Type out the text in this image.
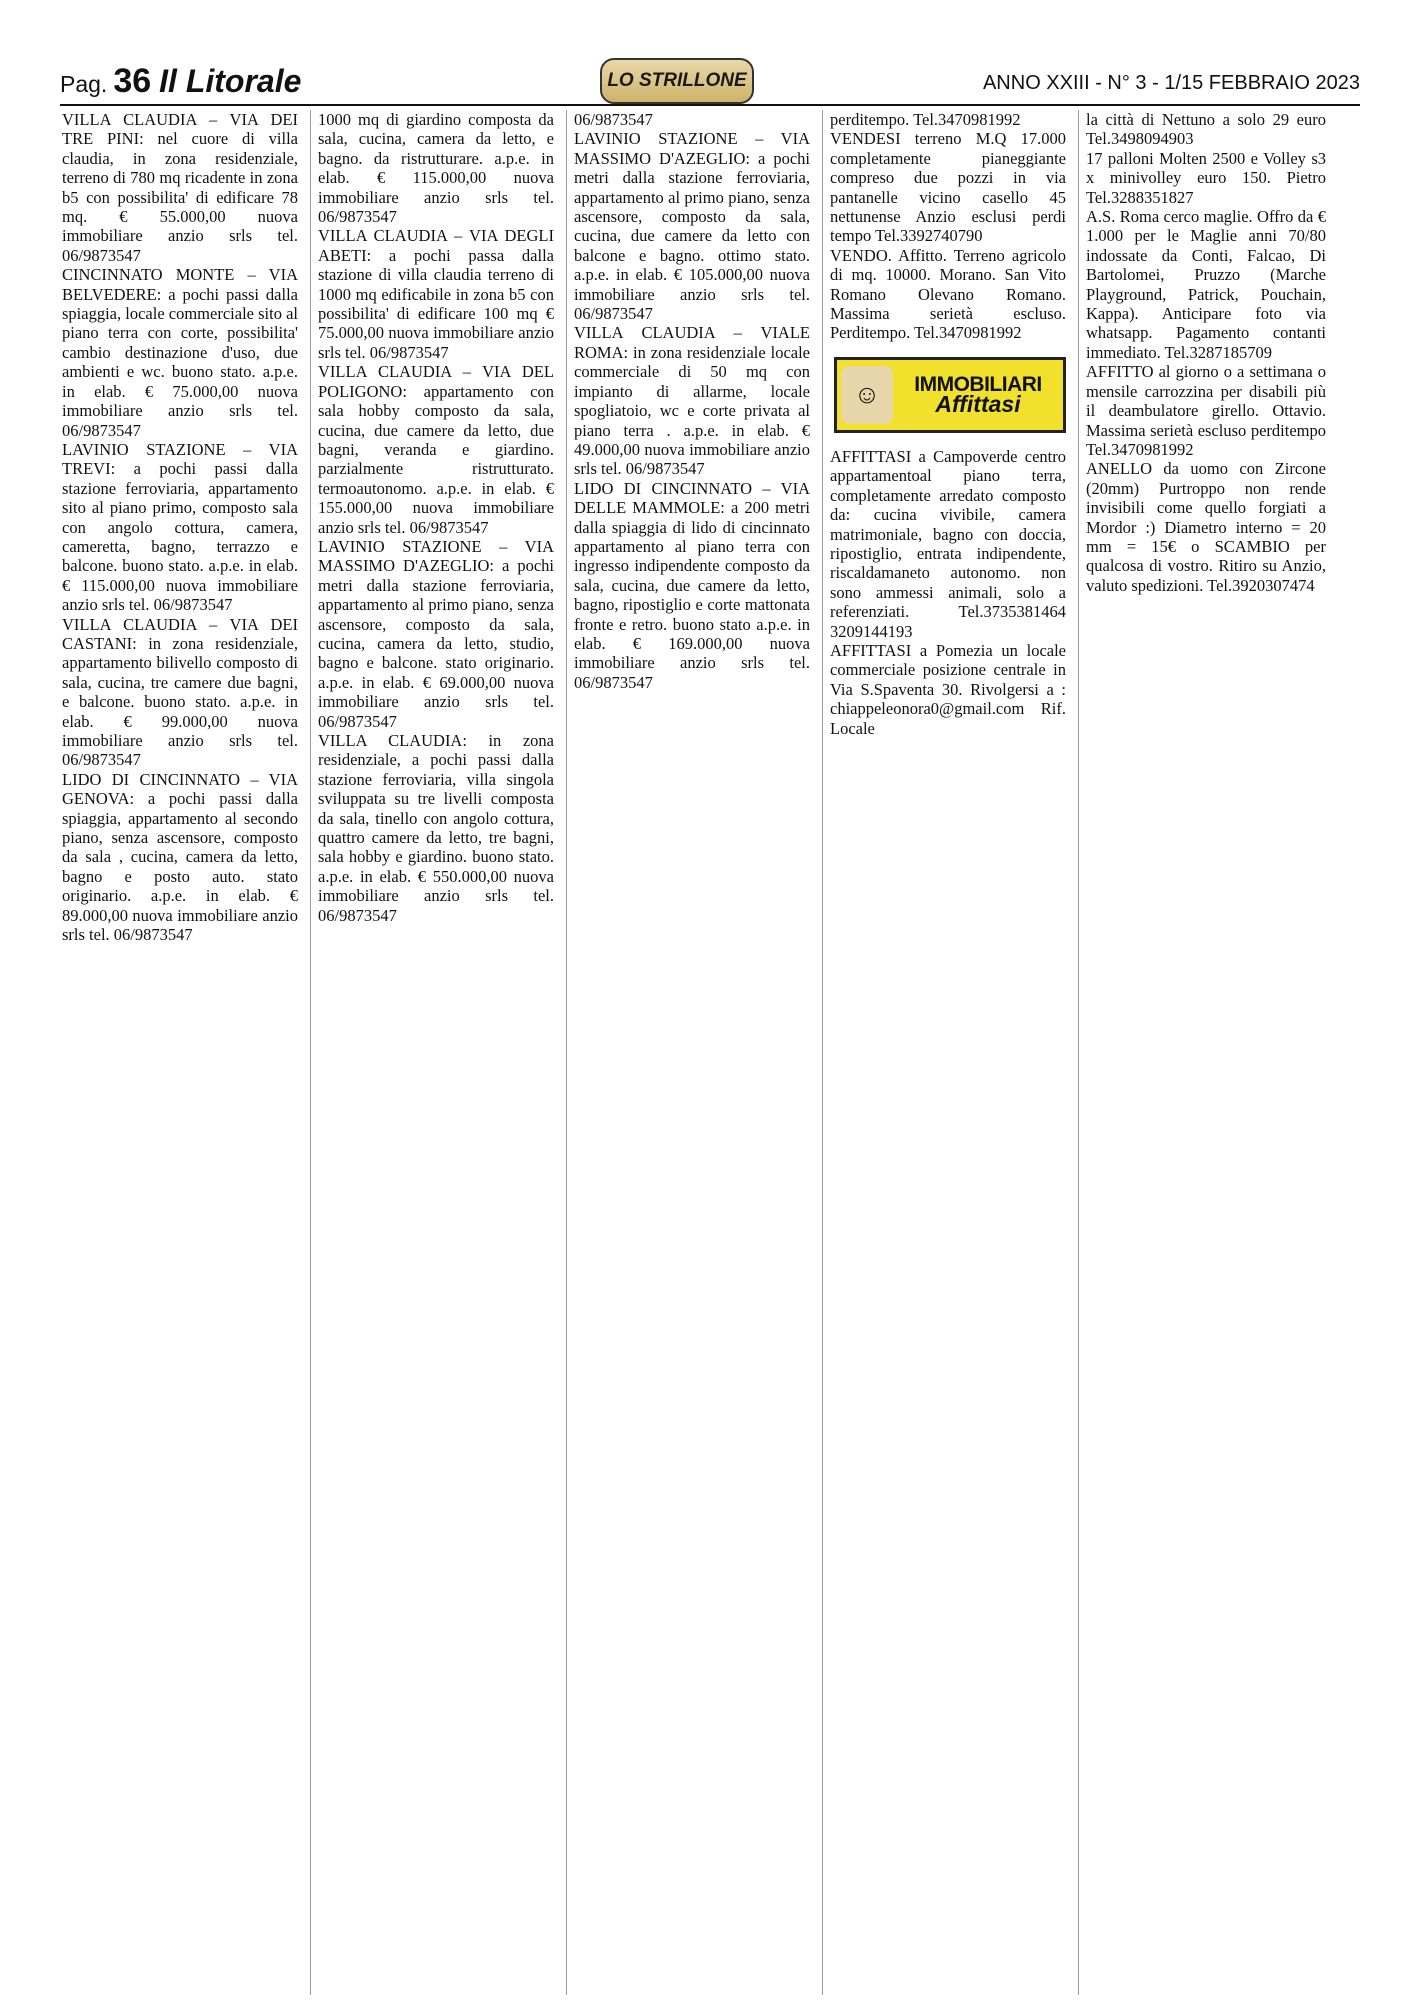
Pag. 36 Il Litorale	LO STRILLONE	ANNO XXIII - N° 3 - 1/15 FEBBRAIO 2023

VILLA CLAUDIA – VIA DEI TRE PINI: nel cuore di villa claudia, in zona residenziale, terreno di 780 mq ricadente in zona b5 con possibilita' di edificare 78 mq. € 55.000,00 nuova immobiliare anzio srls tel. 06/9873547

CINCINNATO MONTE – VIA BELVEDERE: a pochi passi dalla spiaggia, locale commerciale sito al piano terra con corte, possibilita' cambio destinazione d'uso, due ambienti e wc. buono stato. a.p.e. in elab. € 75.000,00 nuova immobiliare anzio srls tel. 06/9873547

LAVINIO STAZIONE – VIA TREVI: a pochi passi dalla stazione ferroviaria, appartamento sito al piano primo, composto sala con angolo cottura, camera, cameretta, bagno, terrazzo e balcone. buono stato. a.p.e. in elab. € 115.000,00 nuova immobiliare anzio srls tel. 06/9873547

VILLA CLAUDIA – VIA DEI CASTANI: in zona residenziale, appartamento bilivello composto di sala, cucina, tre camere due bagni, e balcone. buono stato. a.p.e. in elab. € 99.000,00 nuova immobiliare anzio srls tel. 06/9873547

LIDO DI CINCINNATO – VIA GENOVA: a pochi passi dalla spiaggia, appartamento al secondo piano, senza ascensore, composto da sala , cucina, camera da letto, bagno e posto auto. stato originario. a.p.e. in elab. € 89.000,00 nuova immobiliare anzio srls tel. 06/9873547

1000 mq di giardino composta da sala, cucina, camera da letto, e bagno. da ristrutturare. a.p.e. in elab. € 115.000,00 nuova immobiliare anzio srls tel. 06/9873547

VILLA CLAUDIA – VIA DEGLI ABETI: a pochi passa dalla stazione di villa claudia terreno di 1000 mq edificabile in zona b5 con possibilita' di edificare 100 mq € 75.000,00 nuova immobiliare anzio srls tel. 06/9873547

VILLA CLAUDIA – VIA DEL POLIGONO: appartamento con sala hobby composto da sala, cucina, due camere da letto, due bagni, veranda e giardino. parzialmente ristrutturato. termoautonomo. a.p.e. in elab. € 155.000,00 nuova immobiliare anzio srls tel. 06/9873547

LAVINIO STAZIONE – VIA MASSIMO D'AZEGLIO: a pochi metri dalla stazione ferroviaria, appartamento al primo piano, senza ascensore, composto da sala, cucina, camera da letto, studio, bagno e balcone. stato originario. a.p.e. in elab. € 69.000,00 nuova immobiliare anzio srls tel. 06/9873547

VILLA CLAUDIA: in zona residenziale, a pochi passi dalla stazione ferroviaria, villa singola sviluppata su tre livelli composta da sala, tinello con angolo cottura, quattro camere da letto, tre bagni, sala hobby e giardino. buono stato. a.p.e. in elab. € 550.000,00 nuova immobiliare anzio srls tel. 06/9873547

06/9873547

LAVINIO STAZIONE – VIA MASSIMO D'AZEGLIO: a pochi metri dalla stazione ferroviaria, appartamento al primo piano, senza ascensore, composto da sala, cucina, due camere da letto con balcone e bagno. ottimo stato. a.p.e. in elab. € 105.000,00 nuova immobiliare anzio srls tel. 06/9873547

VILLA CLAUDIA – VIALE ROMA: in zona residenziale locale commerciale di 50 mq con impianto di allarme, locale spogliatoio, wc e corte privata al piano terra . a.p.e. in elab. € 49.000,00 nuova immobiliare anzio srls tel. 06/9873547

LIDO DI CINCINNATO – VIA DELLE MAMMOLE: a 200 metri dalla spiaggia di lido di cincinnato appartamento al piano terra con ingresso indipendente composto da sala, cucina, due camere da letto, bagno, ripostiglio e corte mattonata fronte e retro. buono stato a.p.e. in elab. € 169.000,00 nuova immobiliare anzio srls tel. 06/9873547

perditempo. Tel.3470981992

VENDESI terreno M.Q 17.000 completamente pianeggiante compreso due pozzi in via pantanelle vicino casello 45 nettunense Anzio esclusi perdi tempo Tel.3392740790

VENDO. Affitto. Terreno agricolo di mq. 10000. Morano. San Vito Romano Olevano Romano. Massima serietà escluso. Perditempo. Tel.3470981992

☺	IMMOBILIARI
Affittasi

AFFITTASI a Campoverde centro appartamentoal piano terra, completamente arredato composto da: cucina vivibile, camera matrimoniale, bagno con doccia, ripostiglio, entrata indipendente, riscaldamaneto autonomo. non sono ammessi animali, solo a referenziati. Tel.3735381464 3209144193

AFFITTASI a Pomezia un locale commerciale posizione centrale in Via S.Spaventa 30. Rivolgersi a : chiappeleonora0@gmail.com Rif. Locale

la città di Nettuno a solo 29 euro Tel.3498094903

17 palloni Molten 2500 e Volley s3 x minivolley euro 150. Pietro Tel.3288351827

A.S. Roma cerco maglie. Offro da € 1.000 per le Maglie anni 70/80 indossate da Conti, Falcao, Di Bartolomei, Pruzzo (Marche Playground, Patrick, Pouchain, Kappa). Anticipare foto via whatsapp. Pagamento contanti immediato. Tel.3287185709

AFFITTO al giorno o a settimana o mensile carrozzina per disabili più il deambulatore girello. Ottavio. Massima serietà escluso perditempo Tel.3470981992

ANELLO da uomo con Zircone (20mm) Purtroppo non rende invisibili come quello forgiati a Mordor :) Diametro interno = 20 mm = 15€ o SCAMBIO per qualcosa di vostro. Ritiro su Anzio, valuto spedizioni. Tel.3920307474
